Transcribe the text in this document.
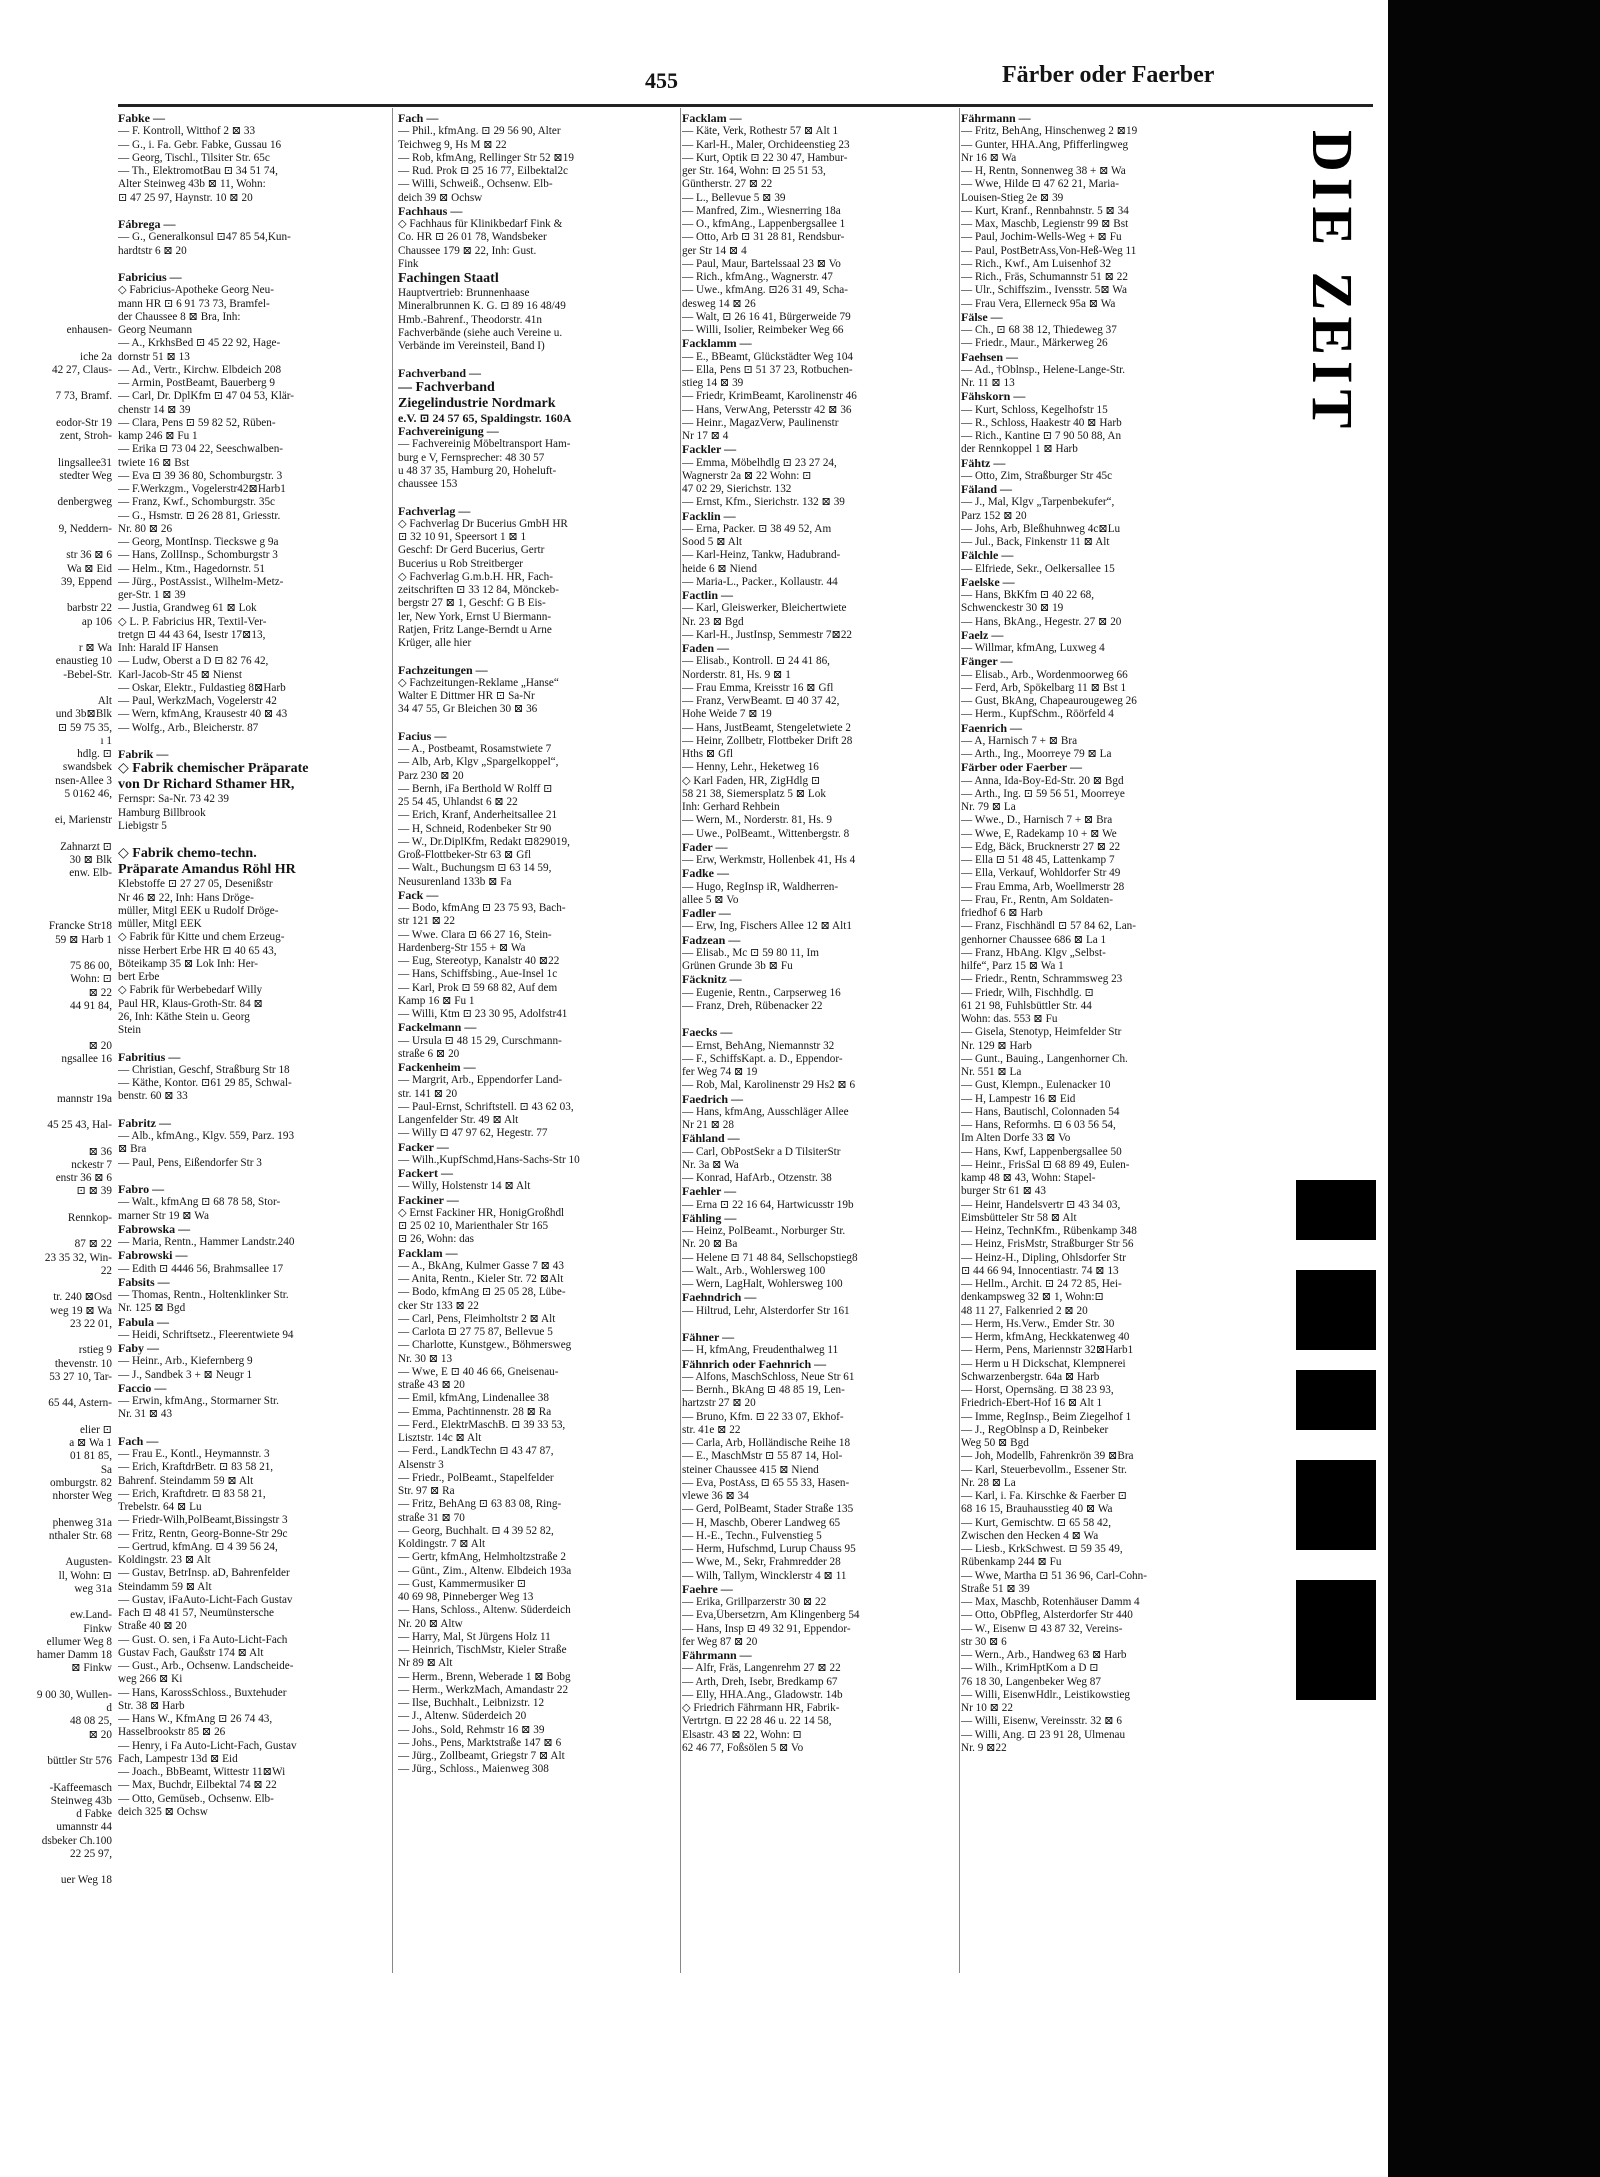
455	Färber oder Faerber

enhausen-

iche 2a
42 27, Claus-

7 73, Bramf.

eodor-Str 19
zent, Stroh-

lingsallee31
stedter Weg

denbergweg

9, Neddern-

str 36 ⊠ 6
Wa ⊠ Eid
39, Eppend

barbstr 22
ap 106

r ⊠ Wa
enaustieg 10
-Bebel-Str.

Alt
und 3b⊠Blk
⊡ 59 75 35,
ı 1
hdlg. ⊡
swandsbek
nsen-Allee 3
5 0162 46,

ei, Marienstr

Zahnarzt ⊡
30 ⊠ Blk
enw. Elb-

Francke Str18
59 ⊠ Harb 1

75 86 00,
Wohn: ⊡
⊠ 22
44 91 84,

⊠ 20
ngsallee 16

mannstr 19a

45 25 43, Hal-

⊠ 36
nckestr 7
enstr 36 ⊠ 6
⊡ ⊠ 39

Rennkop-

87 ⊠ 22
23 35 32, Win-
22

tr. 240 ⊠Osd
weg 19 ⊠ Wa
23 22 01,

rstieg 9
thevenstr. 10
53 27 10, Tar-

65 44, Astern-

elier ⊡
a ⊠ Wa 1
01 81 85,
Sa
omburgstr. 82
nhorster Weg

phenweg 31a
nthaler Str. 68

Augusten-
ll, Wohn: ⊡
weg 31a

ew.Land-
Finkw
ellumer Weg 8
hamer Damm 18
⊠ Finkw

9 00 30, Wullen-
d
48 08 25,
⊠ 20

büttler Str 576

-Kaffeemasch
Steinweg 43b
d Fabke
umannstr 44
dsbeker Ch.100
22 25 97,

uer Weg 18
Fabke —
— F. Kontroll, Witthof 2 ⊠ 33
— G., i. Fa. Gebr. Fabke, Gussau 16
— Georg, Tischl., Tilsiter Str. 65c
— Th., ElektromotBau ⊡ 34 51 74,
Alter Steinweg 43b ⊠ 11, Wohn:
⊡ 47 25 97, Haynstr. 10 ⊠ 20

Fábrega —
— G., Generalkonsul ⊡47 85 54,Kun-
hardtstr 6 ⊠ 20

Fabricius —
◇ Fabricius-Apotheke Georg Neu-
mann HR ⊡ 6 91 73 73, Bramfel-
der Chaussee 8 ⊠ Bra, Inh:
Georg Neumann
— A., KrkhsBed ⊡ 45 22 92, Hage-
dornstr 51 ⊠ 13
— Ad., Vertr., Kirchw. Elbdeich 208
— Armin, PostBeamt, Bauerberg 9
— Carl, Dr. DplKfm ⊡ 47 04 53, Klär-
chenstr 14 ⊠ 39
— Clara, Pens ⊡ 59 82 52, Rüben-
kamp 246 ⊠ Fu 1
— Erika ⊡ 73 04 22, Seeschwalben-
twiete 16 ⊠ Bst
— Eva ⊡ 39 36 80, Schomburgstr. 3
— F.Werkzgm., Vogelerstr42⊠Harb1
— Franz, Kwf., Schomburgstr. 35c
— G., Hsmstr. ⊡ 26 28 81, Griesstr.
Nr. 80 ⊠ 26
— Georg, MontInsp. Tieckswe g 9a
— Hans, ZollInsp., Schomburgstr 3
— Helm., Ktm., Hagedornstr. 51
— Jürg., PostAssist., Wilhelm-Metz-
ger-Str. 1 ⊠ 39
— Justia, Grandweg 61 ⊠ Lok
◇ L. P. Fabricius HR, Textil-Ver-
tretgn ⊡ 44 43 64, Isestr 17⊠13,
Inh: Harald IF Hansen
— Ludw, Oberst a D ⊡ 82 76 42,
Karl-Jacob-Str 45 ⊠ Nienst
— Oskar, Elektr., Fuldastieg 8⊠Harb
— Paul, WerkzMach, Vogelerstr 42
— Wern, kfmAng, Krausestr 40 ⊠ 43
— Wolfg., Arb., Bleicherstr. 87

Fabrik —
◇ Fabrik chemischer Präparate
von Dr Richard Sthamer HR,
Fernspr: Sa-Nr. 73 42 39
Hamburg Billbrook
Liebigstr 5

◇ Fabrik chemo-techn.
Präparate Amandus Röhl HR
Klebstoffe ⊡ 27 27 05, Desenißstr
Nr 46 ⊠ 22, Inh: Hans Dröge-
müller, Mitgl EEK u Rudolf Dröge-
müller, Mitgl EEK
◇ Fabrik für Kitte und chem Erzeug-
nisse Herbert Erbe HR ⊡ 40 65 43,
Böteikamp 35 ⊠ Lok Inh: Her-
bert Erbe
◇ Fabrik für Werbebedarf Willy
Paul HR, Klaus-Groth-Str. 84 ⊠
26, Inh: Käthe Stein u. Georg
Stein

Fabritius —
— Christian, Geschf, Straßburg Str 18
— Käthe, Kontor. ⊡61 29 85, Schwal-
benstr. 60 ⊠ 33

Fabritz —
— Alb., kfmAng., Klgv. 559, Parz. 193
⊠ Bra
— Paul, Pens, Eißendorfer Str 3

Fabro —
— Walt., kfmAng ⊡ 68 78 58, Stor-
marner Str 19 ⊠ Wa
Fabrowska —
— Maria, Rentn., Hammer Landstr.240
Fabrowski —
— Edith ⊡ 4446 56, Brahmsallee 17
Fabsits —
— Thomas, Rentn., Holtenklinker Str.
Nr. 125 ⊠ Bgd
Fabula —
— Heidi, Schriftsetz., Fleerentwiete 94
Faby —
— Heinr., Arb., Kiefernberg 9
— J., Sandbek 3 + ⊠ Neugr 1
Faccio —
— Erwin, kfmAng., Stormarner Str.
Nr. 31 ⊠ 43

Fach —
— Frau E., Kontl., Heymannstr. 3
— Erich, KraftdrBetr. ⊡ 83 58 21,
Bahrenf. Steindamm 59 ⊠ Alt
— Erich, Kraftdretr. ⊡ 83 58 21,
Trebelstr. 64 ⊠ Lu
— Friedr-Wilh,PolBeamt,Bissingstr 3
— Fritz, Rentn, Georg-Bonne-Str 29c
— Gertrud, kfmAng. ⊡ 4 39 56 24,
Koldingstr. 23 ⊠ Alt
— Gustav, BetrInsp. aD, Bahrenfelder
Steindamm 59 ⊠ Alt
— Gustav, iFaAuto-Licht-Fach Gustav
Fach ⊡ 48 41 57, Neumünstersche
Straße 40 ⊠ 20
— Gust. O. sen, i Fa Auto-Licht-Fach
Gustav Fach, Gaußstr 174 ⊠ Alt
— Gust., Arb., Ochsenw. Landscheide-
weg 266 ⊠ Ki
— Hans, KarossSchloss., Buxtehuder
Str. 38 ⊠ Harb
— Hans W., KfmAng ⊡ 26 74 43,
Hasselbrookstr 85 ⊠ 26
— Henry, i Fa Auto-Licht-Fach, Gustav
Fach, Lampestr 13d ⊠ Eid
— Joach., BbBeamt, Wittestr 11⊠Wi
— Max, Buchdr, Eilbektal 74 ⊠ 22
— Otto, Gemüseb., Ochsenw. Elb-
deich 325 ⊠ Ochsw
Fach —
— Phil., kfmAng. ⊡ 29 56 90, Alter
Teichweg 9, Hs M ⊠ 22
— Rob, kfmAng, Rellinger Str 52 ⊠19
— Rud. Prok ⊡ 25 16 77, Eilbektal2c
— Willi, Schweiß., Ochsenw. Elb-
deich 39 ⊠ Ochsw
Fachhaus —
◇ Fachhaus für Klinikbedarf Fink &
Co. HR ⊡ 26 01 78, Wandsbeker
Chaussee 179 ⊠ 22, Inh: Gust.
Fink
Fachingen Staatl
Hauptvertrieb: Brunnenhaase
Mineralbrunnen K. G. ⊡ 89 16 48/49
Hmb.-Bahrenf., Theodorstr. 41n
Fachverbände (siehe auch Vereine u.
Verbände im Vereinsteil, Band I)

Fachverband —
— Fachverband
Ziegelindustrie Nordmark
e.V. ⊡ 24 57 65, Spaldingstr. 160A
Fachvereinigung —
— Fachvereinig Möbeltransport Ham-
burg e V, Fernsprecher: 48 30 57
u 48 37 35, Hamburg 20, Hoheluft-
chaussee 153

Fachverlag —
◇ Fachverlag Dr Bucerius GmbH HR
⊡ 32 10 91, Speersort 1 ⊠ 1
Geschf: Dr Gerd Bucerius, Gertr
Bucerius u Rob Streitberger
◇ Fachverlag G.m.b.H. HR, Fach-
zeitschriften ⊡ 33 12 84, Mönckeb-
bergstr 27 ⊠ 1, Geschf: G B Eis-
ler, New York, Ernst U Biermann-
Ratjen, Fritz Lange-Berndt u Arne
Krüger, alle hier

Fachzeitungen —
◇ Fachzeitungen-Reklame „Hanse“
Walter E Dittmer HR ⊡ Sa-Nr
34 47 55, Gr Bleichen 30 ⊠ 36

Facius —
— A., Postbeamt, Rosamstwiete 7
— Alb, Arb, Klgv „Spargelkoppel“,
Parz 230 ⊠ 20
— Bernh, iFa Berthold W Rolff ⊡
25 54 45, Uhlandst 6 ⊠ 22
— Erich, Kranf, Anderheitsallee 21
— H, Schneid, Rodenbeker Str 90
— W., Dr.DiplKfm, Redakt ⊡829019,
Groß-Flottbeker-Str 63 ⊠ Gfl
— Walt., Buchungsm ⊡ 63 14 59,
Neusurenland 133b ⊠ Fa
Fack —
— Bodo, kfmAng ⊡ 23 75 93, Bach-
str 121 ⊠ 22
— Wwe. Clara ⊡ 66 27 16, Stein-
Hardenberg-Str 155 + ⊠ Wa
— Eug, Stereotyp, Kanalstr 40 ⊠22
— Hans, Schiffsbing., Aue-Insel 1c
— Karl, Prok ⊡ 59 68 82, Auf dem
Kamp 16 ⊠ Fu 1
— Willi, Ktm ⊡ 23 30 95, Adolfstr41
Fackelmann —
— Ursula ⊡ 48 15 29, Curschmann-
straße 6 ⊠ 20
Fackenheim —
— Margrit, Arb., Eppendorfer Land-
str. 141 ⊠ 20
— Paul-Ernst, Schriftstell. ⊡ 43 62 03,
Langenfelder Str. 49 ⊠ Alt
— Willy ⊡ 47 97 62, Hegestr. 77
Facker —
— Wilh.,KupfSchmd,Hans-Sachs-Str 10
Fackert —
— Willy, Holstenstr 14 ⊠ Alt
Fackiner —
◇ Ernst Fackiner HR, HonigGroßhdl
⊡ 25 02 10, Marienthaler Str 165
⊡ 26, Wohn: das
Facklam —
— A., BkAng, Kulmer Gasse 7 ⊠ 43
— Anita, Rentn., Kieler Str. 72 ⊠Alt
— Bodo, kfmAng ⊡ 25 05 28, Lübe-
cker Str 133 ⊠ 22
— Carl, Pens, Fleimholtstr 2 ⊠ Alt
— Carlota ⊡ 27 75 87, Bellevue 5
— Charlotte, Kunstgew., Böhmersweg
Nr. 30 ⊠ 13
— Wwe, E ⊡ 40 46 66, Gneisenau-
straße 43 ⊠ 20
— Emil, kfmAng, Lindenallee 38
— Emma, Pachtinnenstr. 28 ⊠ Ra
— Ferd., ElektrMaschB. ⊡ 39 33 53,
Lisztstr. 14c ⊠ Alt
— Ferd., LandkTechn ⊡ 43 47 87,
Alsenstr 3
— Friedr., PolBeamt., Stapelfelder
Str. 97 ⊠ Ra
— Fritz, BehAng ⊡ 63 83 08, Ring-
straße 31 ⊠ 70
— Georg, Buchhalt. ⊡ 4 39 52 82,
Koldingstr. 7 ⊠ Alt
— Gertr, kfmAng, Helmholtzstraße 2
— Günt., Zim., Altenw. Elbdeich 193a
— Gust, Kammermusiker ⊡
40 69 98, Pinneberger Weg 13
— Hans, Schloss., Altenw. Süderdeich
Nr. 20 ⊠ Altw
— Harry, Mal, St Jürgens Holz 11
— Heinrich, TischMstr, Kieler Straße
Nr 89 ⊠ Alt
— Herm., Brenn, Weberade 1 ⊠ Bobg
— Herm., WerkzMach, Amandastr 22
— Ilse, Buchhalt., Leibnizstr. 12
— J., Altenw. Süderdeich 20
— Johs., Sold, Rehmstr 16 ⊠ 39
— Johs., Pens, Marktstraße 147 ⊠ 6
— Jürg., Zollbeamt, Griegstr 7 ⊠ Alt
— Jürg., Schloss., Maienweg 308
Facklam —
— Käte, Verk, Rothestr 57 ⊠ Alt 1
— Karl-H., Maler, Orchideenstieg 23
— Kurt, Optik ⊡ 22 30 47, Hambur-
ger Str. 164, Wohn: ⊡ 25 51 53,
Güntherstr. 27 ⊠ 22
— L., Bellevue 5 ⊠ 39
— Manfred, Zim., Wiesnerring 18a
— O., kfmAng., Lappenbergsallee 1
— Otto, Arb ⊡ 31 28 81, Rendsbur-
ger Str 14 ⊠ 4
— Paul, Maur, Bartelssaal 23 ⊠ Vo
— Rich., kfmAng., Wagnerstr. 47
— Uwe., kfmAng. ⊡26 31 49, Scha-
desweg 14 ⊠ 26
— Walt, ⊡ 26 16 41, Bürgerweide 79
— Willi, Isolier, Reimbeker Weg 66
Facklamm —
— E., BBeamt, Glückstädter Weg 104
— Ella, Pens ⊡ 51 37 23, Rotbuchen-
stieg 14 ⊠ 39
— Friedr, KrimBeamt, Karolinenstr 46
— Hans, VerwAng, Petersstr 42 ⊠ 36
— Heinr., MagazVerw, Paulinenstr
Nr 17 ⊠ 4
Fackler —
— Emma, Möbelhdlg ⊡ 23 27 24,
Wagnerstr 2a ⊠ 22 Wohn: ⊡
47 02 29, Sierichstr. 132
— Ernst, Kfm., Sierichstr. 132 ⊠ 39
Facklin —
— Erna, Packer. ⊡ 38 49 52, Am
Sood 5 ⊠ Alt
— Karl-Heinz, Tankw, Hadubrand-
heide 6 ⊠ Niend
— Maria-L., Packer., Kollaustr. 44
Factlin —
— Karl, Gleiswerker, Bleichertwiete
Nr. 23 ⊠ Bgd
— Karl-H., JustInsp, Semmestr 7⊠22
Faden —
— Elisab., Kontroll. ⊡ 24 41 86,
Norderstr. 81, Hs. 9 ⊠ 1
— Frau Emma, Kreisstr 16 ⊠ Gfl
— Franz, VerwBeamt. ⊡ 40 37 42,
Hohe Weide 7 ⊠ 19
— Hans, JustBeamt, Stengeletwiete 2
— Heinr, Zollbetr, Flottbeker Drift 28
Hths ⊠ Gfl
— Henny, Lehr., Heketweg 16
◇ Karl Faden, HR, ZigHdlg ⊡
58 21 38, Siemersplatz 5 ⊠ Lok
Inh: Gerhard Rehbein
— Wern, M., Norderstr. 81, Hs. 9
— Uwe., PolBeamt., Wittenbergstr. 8
Fader —
— Erw, Werkmstr, Hollenbek 41, Hs 4
Fadke —
— Hugo, RegInsp iR, Waldherren-
allee 5 ⊠ Vo
Fadler —
— Erw, Ing, Fischers Allee 12 ⊠ Alt1
Fadzean —
— Elisab., Mc ⊡ 59 80 11, Im
Grünen Grunde 3b ⊠ Fu
Fäcknitz —
— Eugenie, Rentn., Carpserweg 16
— Franz, Dreh, Rübenacker 22

Faecks —
— Ernst, BehAng, Niemannstr 32
— F., SchiffsKapt. a. D., Eppendor-
fer Weg 74 ⊠ 19
— Rob, Mal, Karolinenstr 29 Hs2 ⊠ 6
Faedrich —
— Hans, kfmAng, Ausschläger Allee
Nr 21 ⊠ 28
Fähland —
— Carl, ObPostSekr a D TilsiterStr
Nr. 3a ⊠ Wa
— Konrad, HafArb., Otzenstr. 38
Faehler —
— Erna ⊡ 22 16 64, Hartwicusstr 19b
Fähling —
— Heinz, PolBeamt., Norburger Str.
Nr. 20 ⊠ Ba
— Helene ⊡ 71 48 84, Sellschopstieg8
— Walt., Arb., Wohlersweg 100
— Wern, LagHalt, Wohlersweg 100
Faehndrich —
— Hiltrud, Lehr, Alsterdorfer Str 161

Fähner —
— H, kfmAng, Freudenthalweg 11
Fähnrich oder Faehnrich —
— Alfons, MaschSchloss, Neue Str 61
— Bernh., BkAng ⊡ 48 85 19, Len-
hartzstr 27 ⊠ 20
— Bruno, Kfm. ⊡ 22 33 07, Ekhof-
str. 41e ⊠ 22
— Carla, Arb, Holländische Reihe 18
— E., MaschMstr ⊡ 55 87 14, Hol-
steiner Chaussee 415 ⊠ Niend
— Eva, PostAss, ⊡ 65 55 33, Hasen-
vlewe 36 ⊠ 34
— Gerd, PolBeamt, Stader Straße 135
— H, Maschb, Oberer Landweg 65
— H.-E., Techn., Fulvenstieg 5
— Herm, Hufschmd, Lurup Chauss 95
— Wwe, M., Sekr, Frahmredder 28
— Wilh, Tallym, Wincklerstr 4 ⊠ 11
Faehre —
— Erika, Grillparzerstr 30 ⊠ 22
— Eva,Übersetzrn, Am Klingenberg 54
— Hans, Insp ⊡ 49 32 91, Eppendor-
fer Weg 87 ⊠ 20
Fährmann —
— Alfr, Fräs, Langenrehm 27 ⊠ 22
— Arth, Dreh, Isebr, Bredkamp 67
— Elly, HHA.Ang., Gladowstr. 14b
◇ Friedrich Fährmann HR, Fabrik-
Vertrtgn. ⊡ 22 28 46 u. 22 14 58,
Elsastr. 43 ⊠ 22, Wohn: ⊡
62 46 77, Foßsölen 5 ⊠ Vo
Fährmann —
— Fritz, BehAng, Hinschenweg 2 ⊠19
— Gunter, HHA.Ang, Pfifferlingweg
Nr 16 ⊠ Wa
— H, Rentn, Sonnenweg 38 + ⊠ Wa
— Wwe, Hilde ⊡ 47 62 21, Maria-
Louisen-Stieg 2e ⊠ 39
— Kurt, Kranf., Rennbahnstr. 5 ⊠ 34
— Max, Maschb, Legienstr 99 ⊠ Bst
— Paul, Jochim-Wells-Weg + ⊠ Fu
— Paul, PostBetrAss,Von-Heß-Weg 11
— Rich., Kwf., Am Luisenhof 32
— Rich., Fräs, Schumannstr 51 ⊠ 22
— Ulr., Schiffszim., Ivensstr. 5⊠ Wa
— Frau Vera, Ellerneck 95a ⊠ Wa
Fälse —
— Ch., ⊡ 68 38 12, Thiedeweg 37
— Friedr., Maur., Märkerweg 26
Faehsen —
— Ad., †Oblnsp., Helene-Lange-Str.
Nr. 11 ⊠ 13
Fähskorn —
— Kurt, Schloss, Kegelhofstr 15
— R., Schloss, Haakestr 40 ⊠ Harb
— Rich., Kantine ⊡ 7 90 50 88, An
der Rennkoppel 1 ⊠ Harb
Fähtz —
— Otto, Zim, Straßburger Str 45c
Fäland —
— J., Mal, Klgv „Tarpenbekufer“,
Parz 152 ⊠ 20
— Johs, Arb, Bleßhuhnweg 4c⊠Lu
— Jul., Back, Finkenstr 11 ⊠ Alt
Fälchle —
— Elfriede, Sekr., Oelkersallee 15
Faelske —
— Hans, BkKfm ⊡ 40 22 68,
Schwenckestr 30 ⊠ 19
— Hans, BkAng., Hegestr. 27 ⊠ 20
Faelz —
— Willmar, kfmAng, Luxweg 4
Fänger —
— Elisab., Arb., Wordenmoorweg 66
— Ferd, Arb, Spökelbarg 11 ⊠ Bst 1
— Gust, BkAng, Chapeaurougeweg 26
— Herm., KupfSchm., Röörfeld 4
Faenrich —
— A, Harnisch 7 + ⊠ Bra
— Arth., Ing., Moorreye 79 ⊠ La
Färber oder Faerber —
— Anna, Ida-Boy-Ed-Str. 20 ⊠ Bgd
— Arth., Ing. ⊡ 59 56 51, Moorreye
Nr. 79 ⊠ La
— Wwe., D., Harnisch 7 + ⊠ Bra
— Wwe, E, Radekamp 10 + ⊠ We
— Edg, Bäck, Brucknerstr 27 ⊠ 22
— Ella ⊡ 51 48 45, Lattenkamp 7
— Ella, Verkauf, Wohldorfer Str 49
— Frau Emma, Arb, Woellmerstr 28
— Frau, Fr., Rentn, Am Soldaten-
friedhof 6 ⊠ Harb
— Franz, Fischhändl ⊡ 57 84 62, Lan-
genhorner Chaussee 686 ⊠ La 1
— Franz, HbAng. Klgv „Selbst-
hilfe“, Parz 15 ⊠ Wa 1
— Friedr., Rentn, Schrammsweg 23
— Friedr, Wilh, Fischhdlg. ⊡
61 21 98, Fuhlsbüttler Str. 44
Wohn: das. 553 ⊠ Fu
— Gisela, Stenotyp, Heimfelder Str
Nr. 129 ⊠ Harb
— Gunt., Bauing., Langenhorner Ch.
Nr. 551 ⊠ La
— Gust, Klempn., Eulenacker 10
— H, Lampestr 16 ⊠ Eid
— Hans, Bautischl, Colonnaden 54
— Hans, Reformhs. ⊡ 6 03 56 54,
Im Alten Dorfe 33 ⊠ Vo
— Hans, Kwf, Lappenbergsallee 50
— Heinr., FrisSal ⊡ 68 89 49, Eulen-
kamp 48 ⊠ 43, Wohn: Stapel-
burger Str 61 ⊠ 43
— Heinr, Handelsvertr ⊡ 43 34 03,
Eimsbütteler Str 58 ⊠ Alt
— Heinz, TechnKfm., Rübenkamp 348
— Heinz, FrisMstr, Straßburger Str 56
— Heinz-H., Dipling, Ohlsdorfer Str
⊡ 44 66 94, Innocentiastr. 74 ⊠ 13
— Hellm., Archit. ⊡ 24 72 85, Hei-
denkampsweg 32 ⊠ 1, Wohn:⊡
48 11 27, Falkenried 2 ⊠ 20
— Herm, Hs.Verw., Emder Str. 30
— Herm, kfmAng, Heckkatenweg 40
— Herm, Pens, Mariennstr 32⊠Harb1
— Herm u H Dickschat, Klempnerei
Schwarzenbergstr. 64a ⊠ Harb
— Horst, Opernsäng. ⊡ 38 23 93,
Friedrich-Ebert-Hof 16 ⊠ Alt 1
— Imme, RegInsp., Beim Ziegelhof 1
— J., RegOblnsp a D, Reinbeker
Weg 50 ⊠ Bgd
— Joh, Modellb, Fahrenkrön 39 ⊠Bra
— Karl, Steuerbevollm., Essener Str.
Nr. 28 ⊠ La
— Karl, i. Fa. Kirschke & Faerber ⊡
68 16 15, Brauhausstieg 40 ⊠ Wa
— Kurt, Gemischtw. ⊡ 65 58 42,
Zwischen den Hecken 4 ⊠ Wa
— Liesb., KrkSchwest. ⊡ 59 35 49,
Rübenkamp 244 ⊠ Fu
— Wwe, Martha ⊡ 51 36 96, Carl-Cohn-
Straße 51 ⊠ 39
— Max, Maschb, Rotenhäuser Damm 4
— Otto, ObPfleg, Alsterdorfer Str 440
— W., Eisenw ⊡ 43 87 32, Vereins-
str 30 ⊠ 6
— Wern., Arb., Handweg 63 ⊠ Harb
— Wilh., KrimHptKom a D ⊡
76 18 30, Langenbeker Weg 87
— Willi, EisenwHdlr., Leistikowstieg
Nr 10 ⊠ 22
— Willi, Eisenw, Vereinsstr. 32 ⊠ 6
— Willi, Ang. ⊡ 23 91 28, Ulmenau
Nr. 9 ⊠22
DIE ZEIT
